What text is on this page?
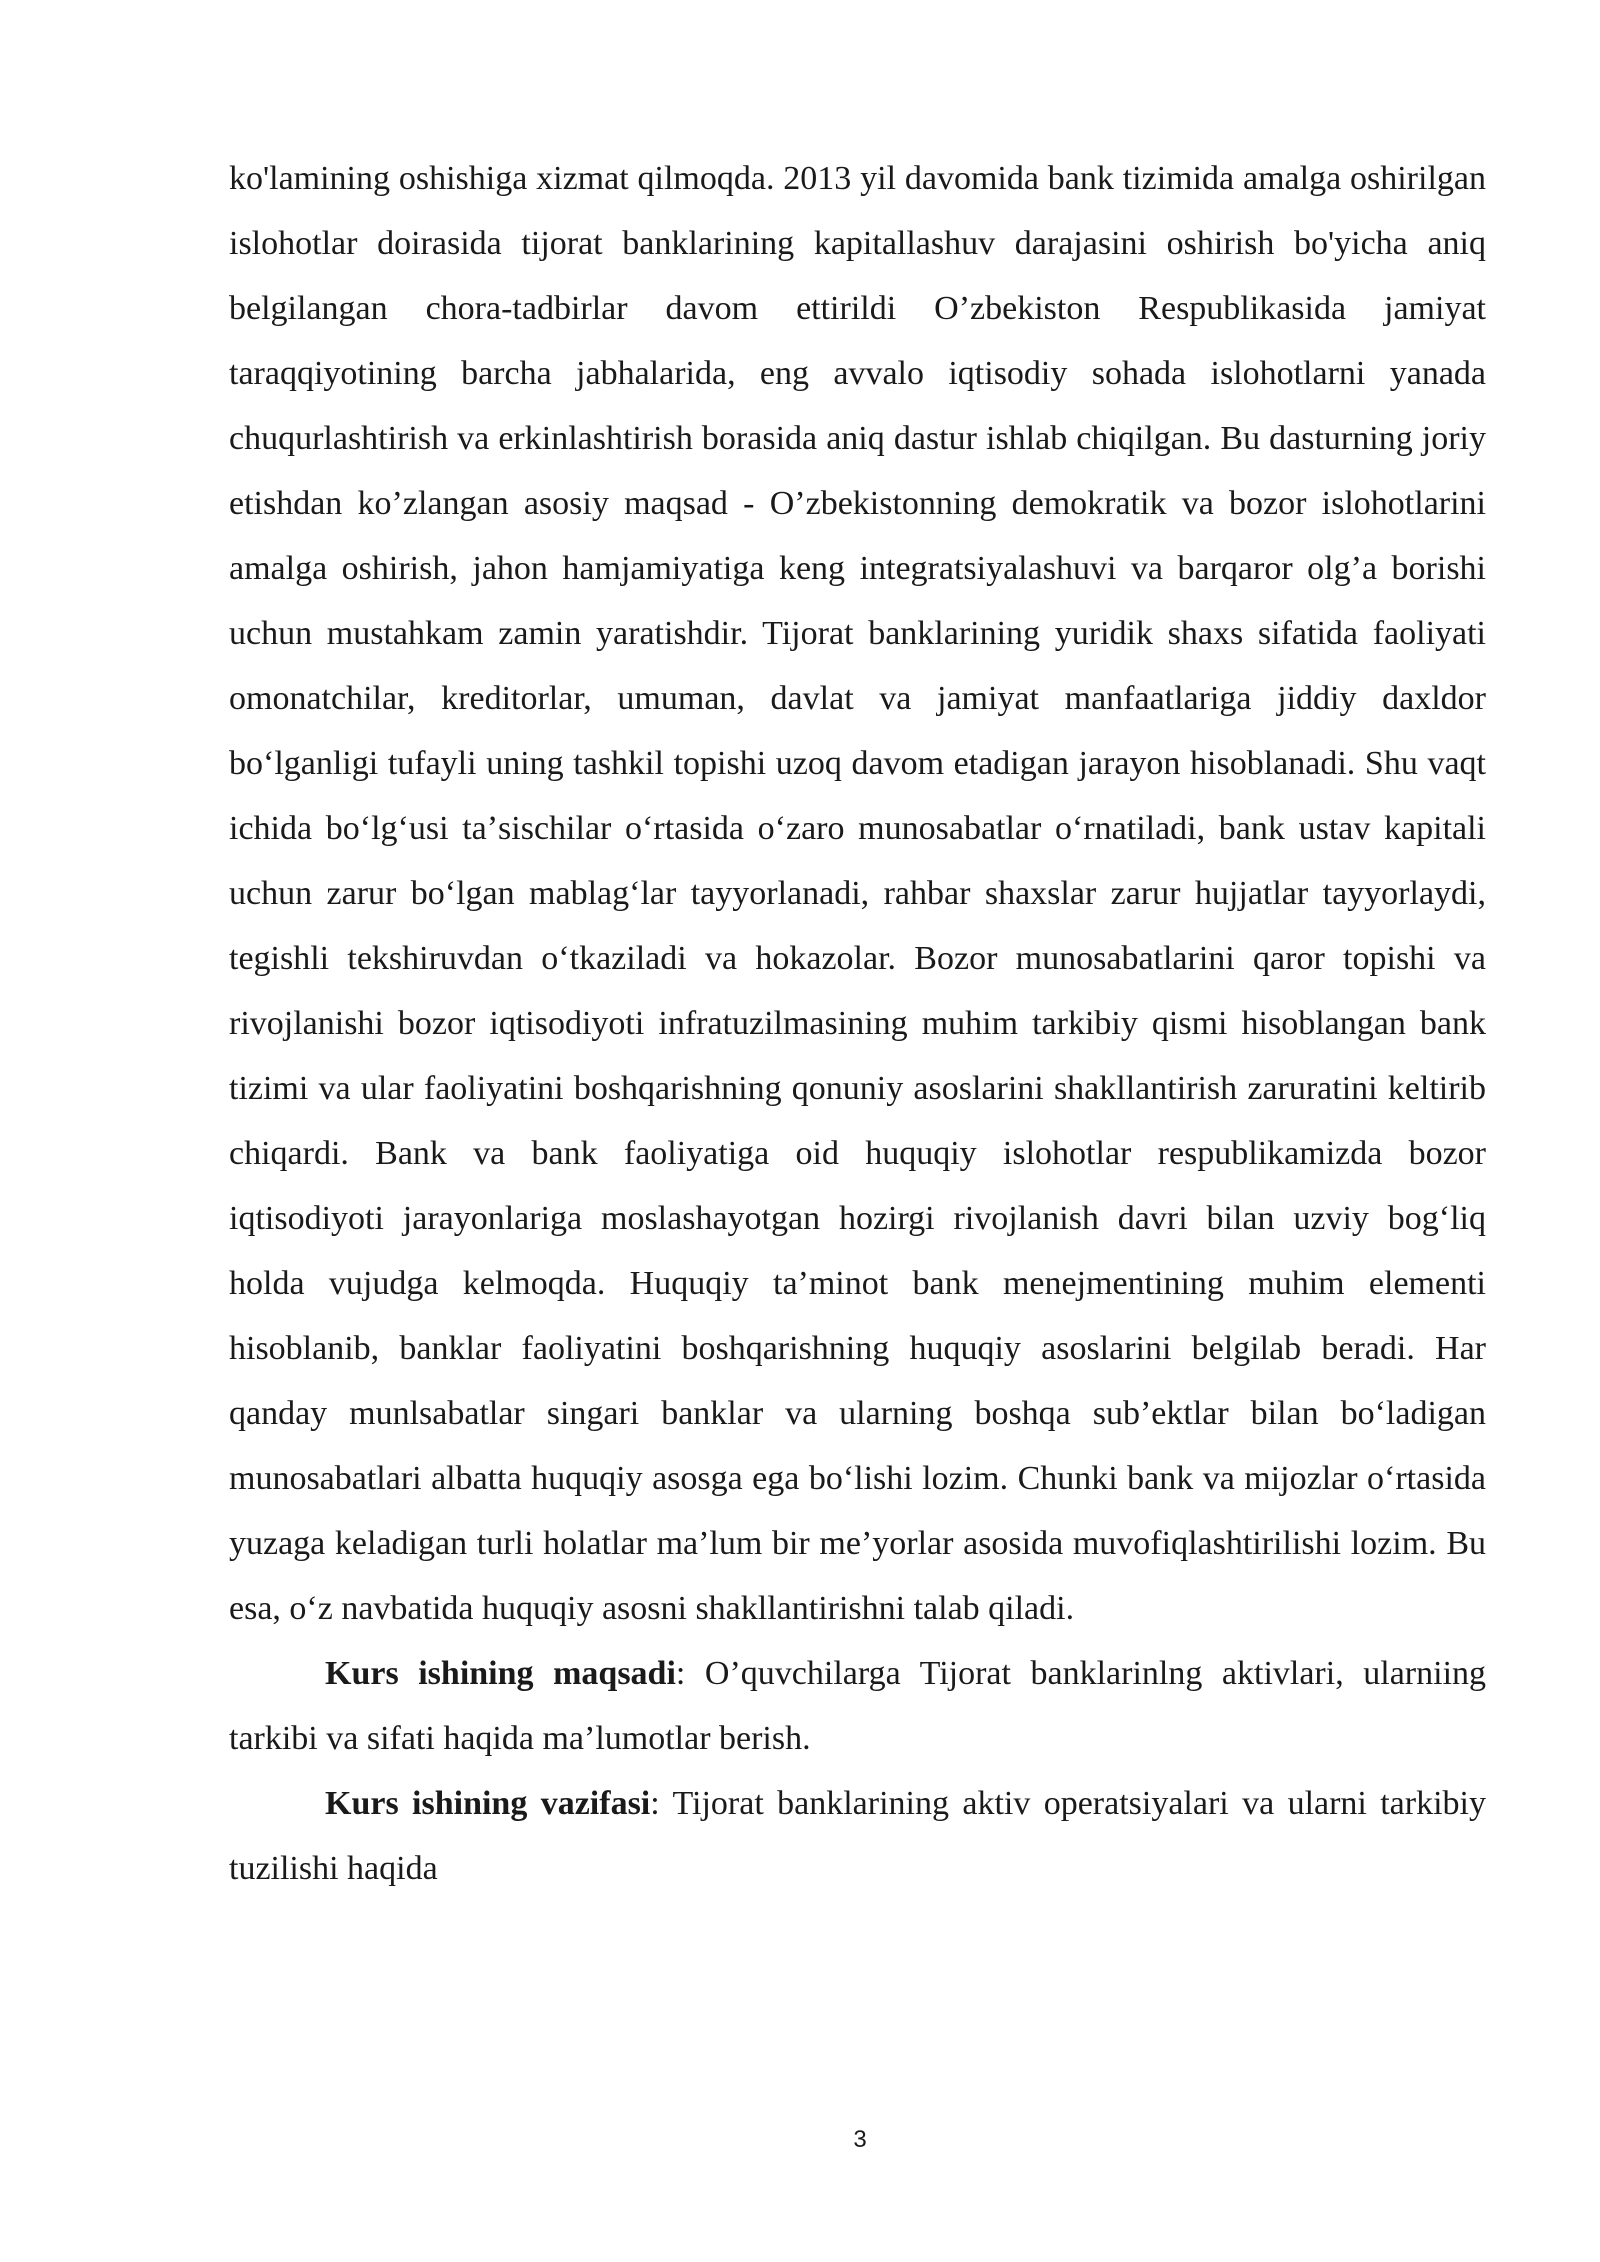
ko'lamining oshishiga xizmat qilmoqda. 2013 yil davomida bank tizimida amalga oshirilgan islohotlar doirasida tijorat banklarining kapitallashuv darajasini oshirish bo'yicha aniq belgilangan chora-tadbirlar davom ettirildi O’zbekiston Respublikasida jamiyat taraqqiyotining barcha jabhalarida, eng avvalo iqtisodiy sohada islohotlarni yanada chuqurlashtirish va erkinlashtirish borasida aniq dastur ishlab chiqilgan. Bu dasturning joriy etishdan ko’zlangan asosiy maqsad - O’zbekistonning demokratik va bozor islohotlarini amalga oshirish, jahon hamjamiyatiga keng integratsiyalashuvi va barqaror olg’a borishi uchun mustahkam zamin yaratishdir. Tijorat banklarining yuridik shaxs sifatida faoliyati omonatchilar, kreditorlar, umuman, davlat va jamiyat manfaatlariga jiddiy daxldor boʻlganligi tufayli uning tashkil topishi uzoq davom etadigan jarayon hisoblanadi. Shu vaqt ichida boʻlgʻusi taʼsischilar oʻrtasida oʻzaro munosabatlar oʻrnatiladi, bank ustav kapitali uchun zarur boʻlgan mablagʻlar tayyorlanadi, rahbar shaxslar zarur hujjatlar tayyorlaydi, tegishli tekshiruvdan oʻtkaziladi va hokazolar. Bozor munosabatlarini qaror topishi va rivojlanishi bozor iqtisodiyoti infratuzilmasining muhim tarkibiy qismi hisoblangan bank tizimi va ular faoliyatini boshqarishning qonuniy asoslarini shakllantirish zaruratini keltirib chiqardi. Bank va bank faoliyatiga oid huquqiy islohotlar respublikamizda bozor iqtisodiyoti jarayonlariga moslashayotgan hozirgi rivojlanish davri bilan uzviy bogʻliq holda vujudga kelmoqda. Huquqiy ta’minot bank menejmentining muhim elementi hisoblanib, banklar faoliyatini boshqarishning huquqiy asoslarini belgilab beradi. Har qanday munlsabatlar singari banklar va ularning boshqa sub’ektlar bilan boʻladigan munosabatlari albatta huquqiy asosga ega boʻlishi lozim. Chunki bank va mijozlar oʻrtasida yuzaga keladigan turli holatlar ma’lum bir me’yorlar asosida muvofiqlashtirilishi lozim. Bu esa, oʻz navbatida huquqiy asosni shakllantirishni talab qiladi.

Kurs ishining maqsadi: O’quvchilarga Tijorat banklarinlng aktivlari, ularniing tarkibi va sifati haqida ma’lumotlar berish.

Kurs ishining vazifasi: Tijorat banklarining aktiv operatsiyalari va ularni tarkibiy tuzilishi haqida

3
